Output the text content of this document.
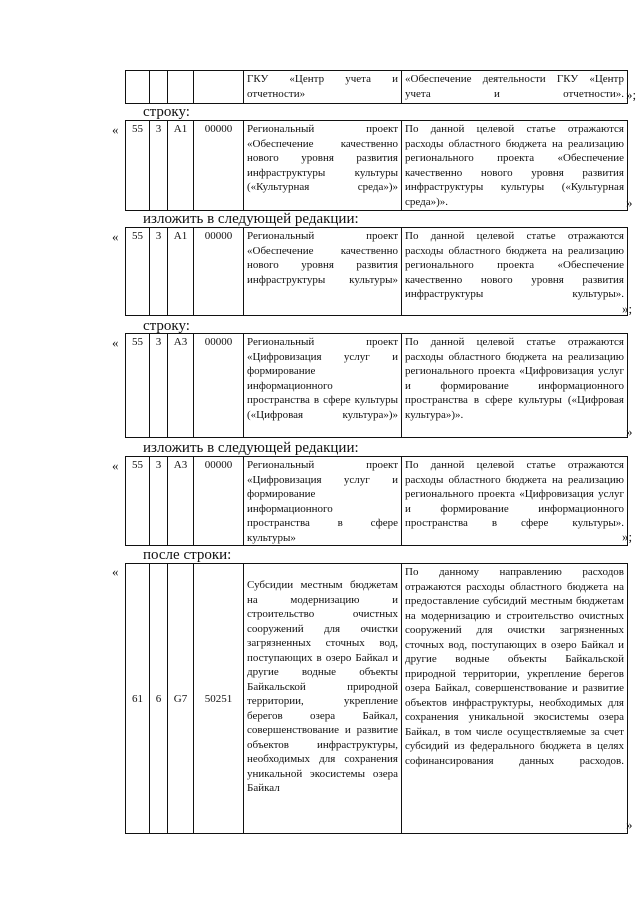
				ГКУ «Центр учета и отчетности»	«Обеспечение деятельности ГКУ «Центр учета и отчетности». »;
строку:
« 55	3	А1	00000	Региональный проект «Обеспечение качественно нового уровня развития инфраструктуры культуры («Культурная среда»)»	По данной целевой статье отражаются расходы областного бюджета на реализацию регионального проекта «Обеспечение качественно нового уровня развития инфраструктуры культуры («Культурная среда»)».	»
изложить в следующей редакции:
« 55	3	А1	00000	Региональный проект «Обеспечение качественно нового уровня развития инфраструктуры культуры»	По данной целевой статье отражаются расходы областного бюджета на реализацию регионального проекта «Обеспечение качественно нового уровня развития инфраструктуры культуры».
»;
строку:
« 55	3	А3	00000	Региональный проект «Цифровизация услуг и формирование информационного пространства в сфере культуры («Цифровая культура»)»	По данной целевой статье отражаются расходы областного бюджета на реализацию регионального проекта «Цифровизация услуг и формирование информационного пространства в сфере культуры («Цифровая культура»)».
»
изложить в следующей редакции:
« 55	3	А3	00000	Региональный проект «Цифровизация услуг и формирование информационного пространства в сфере культуры»	По данной целевой статье отражаются расходы областного бюджета на реализацию регионального проекта «Цифровизация услуг и формирование информационного пространства в сфере культуры».
»;
после строки:
«
61	6	G7	50251	Субсидии местным бюджетам на модернизацию и строительство очистных сооружений для очистки загрязненных сточных вод, поступающих в озеро Байкал и другие водные объекты Байкальской природной территории, укрепление берегов озера Байкал, совершенствование и развитие объектов инфраструктуры, необходимых для сохранения уникальной экосистемы озера Байкал	По данному направлению расходов отражаются расходы областного бюджета на предоставление субсидий местным бюджетам на модернизацию и строительство очистных сооружений для очистки загрязненных сточных вод, поступающих в озеро Байкал и другие водные объекты Байкальской природной территории, укрепление берегов озера Байкал, совершенствование и развитие объектов инфраструктуры, необходимых для сохранения уникальной экосистемы озера Байкал, в том числе осуществляемые за счет субсидий из федерального бюджета в целях софинансирования данных расходов.
»
